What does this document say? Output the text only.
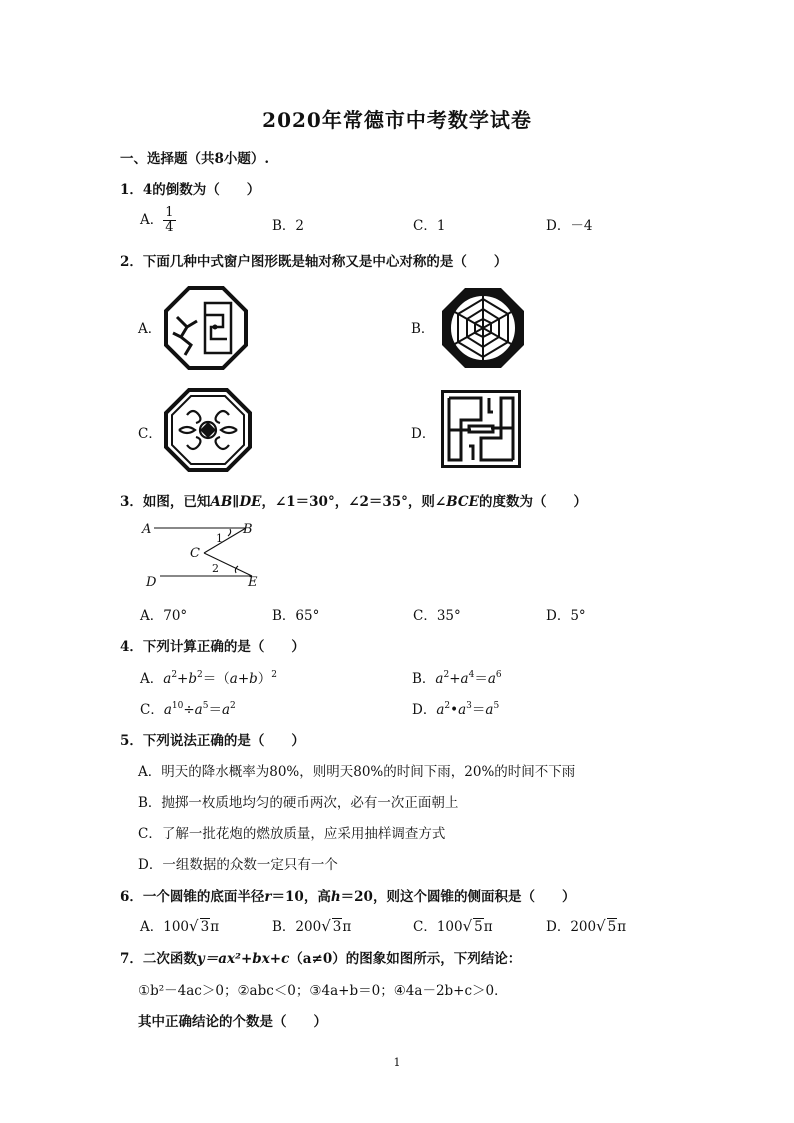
2020年常德市中考数学试卷
一、选择题（共8小题）.
1．4的倒数为（　　）
A． $\frac{1}{4}$	B．2	C．1	D．－4
2．下面几种中式窗户图形既是轴对称又是中心对称的是（　　）
A．	B．
C．	D．
3．如图，已知AB∥DE，∠1＝30°，∠2＝35°，则∠BCE的度数为（　　）
A	B
C
D	E
1
2
A．70°	B．65°	C．35°	D．5°
4．下列计算正确的是（　　）
A．$a^2+b^2=(a+b)^2$	B．$a^2+a^4=a^6$
C．$a^{10}\div a^5=a^2$	D．$a^2•a^3=a^5$
5．下列说法正确的是（　　）
A．明天的降水概率为80%，则明天80%的时间下雨，20%的时间不下雨
B．抛掷一枚质地均匀的硬币两次，必有一次正面朝上
C．了解一批花炮的燃放质量，应采用抽样调查方式
D．一组数据的众数一定只有一个
6．一个圆锥的底面半径r＝10，高h＝20，则这个圆锥的侧面积是（　　）
A．100√ 3π	B．200√ 3π	C．100√ 5π	D．200√ 5π
7．二次函数y＝ax²+bx+c（a≠0）的图象如图所示，下列结论：
①b²－4ac＞0；②abc＜0；③4a+b＝0；④4a－2b+c＞0．
其中正确结论的个数是（　　）
1
